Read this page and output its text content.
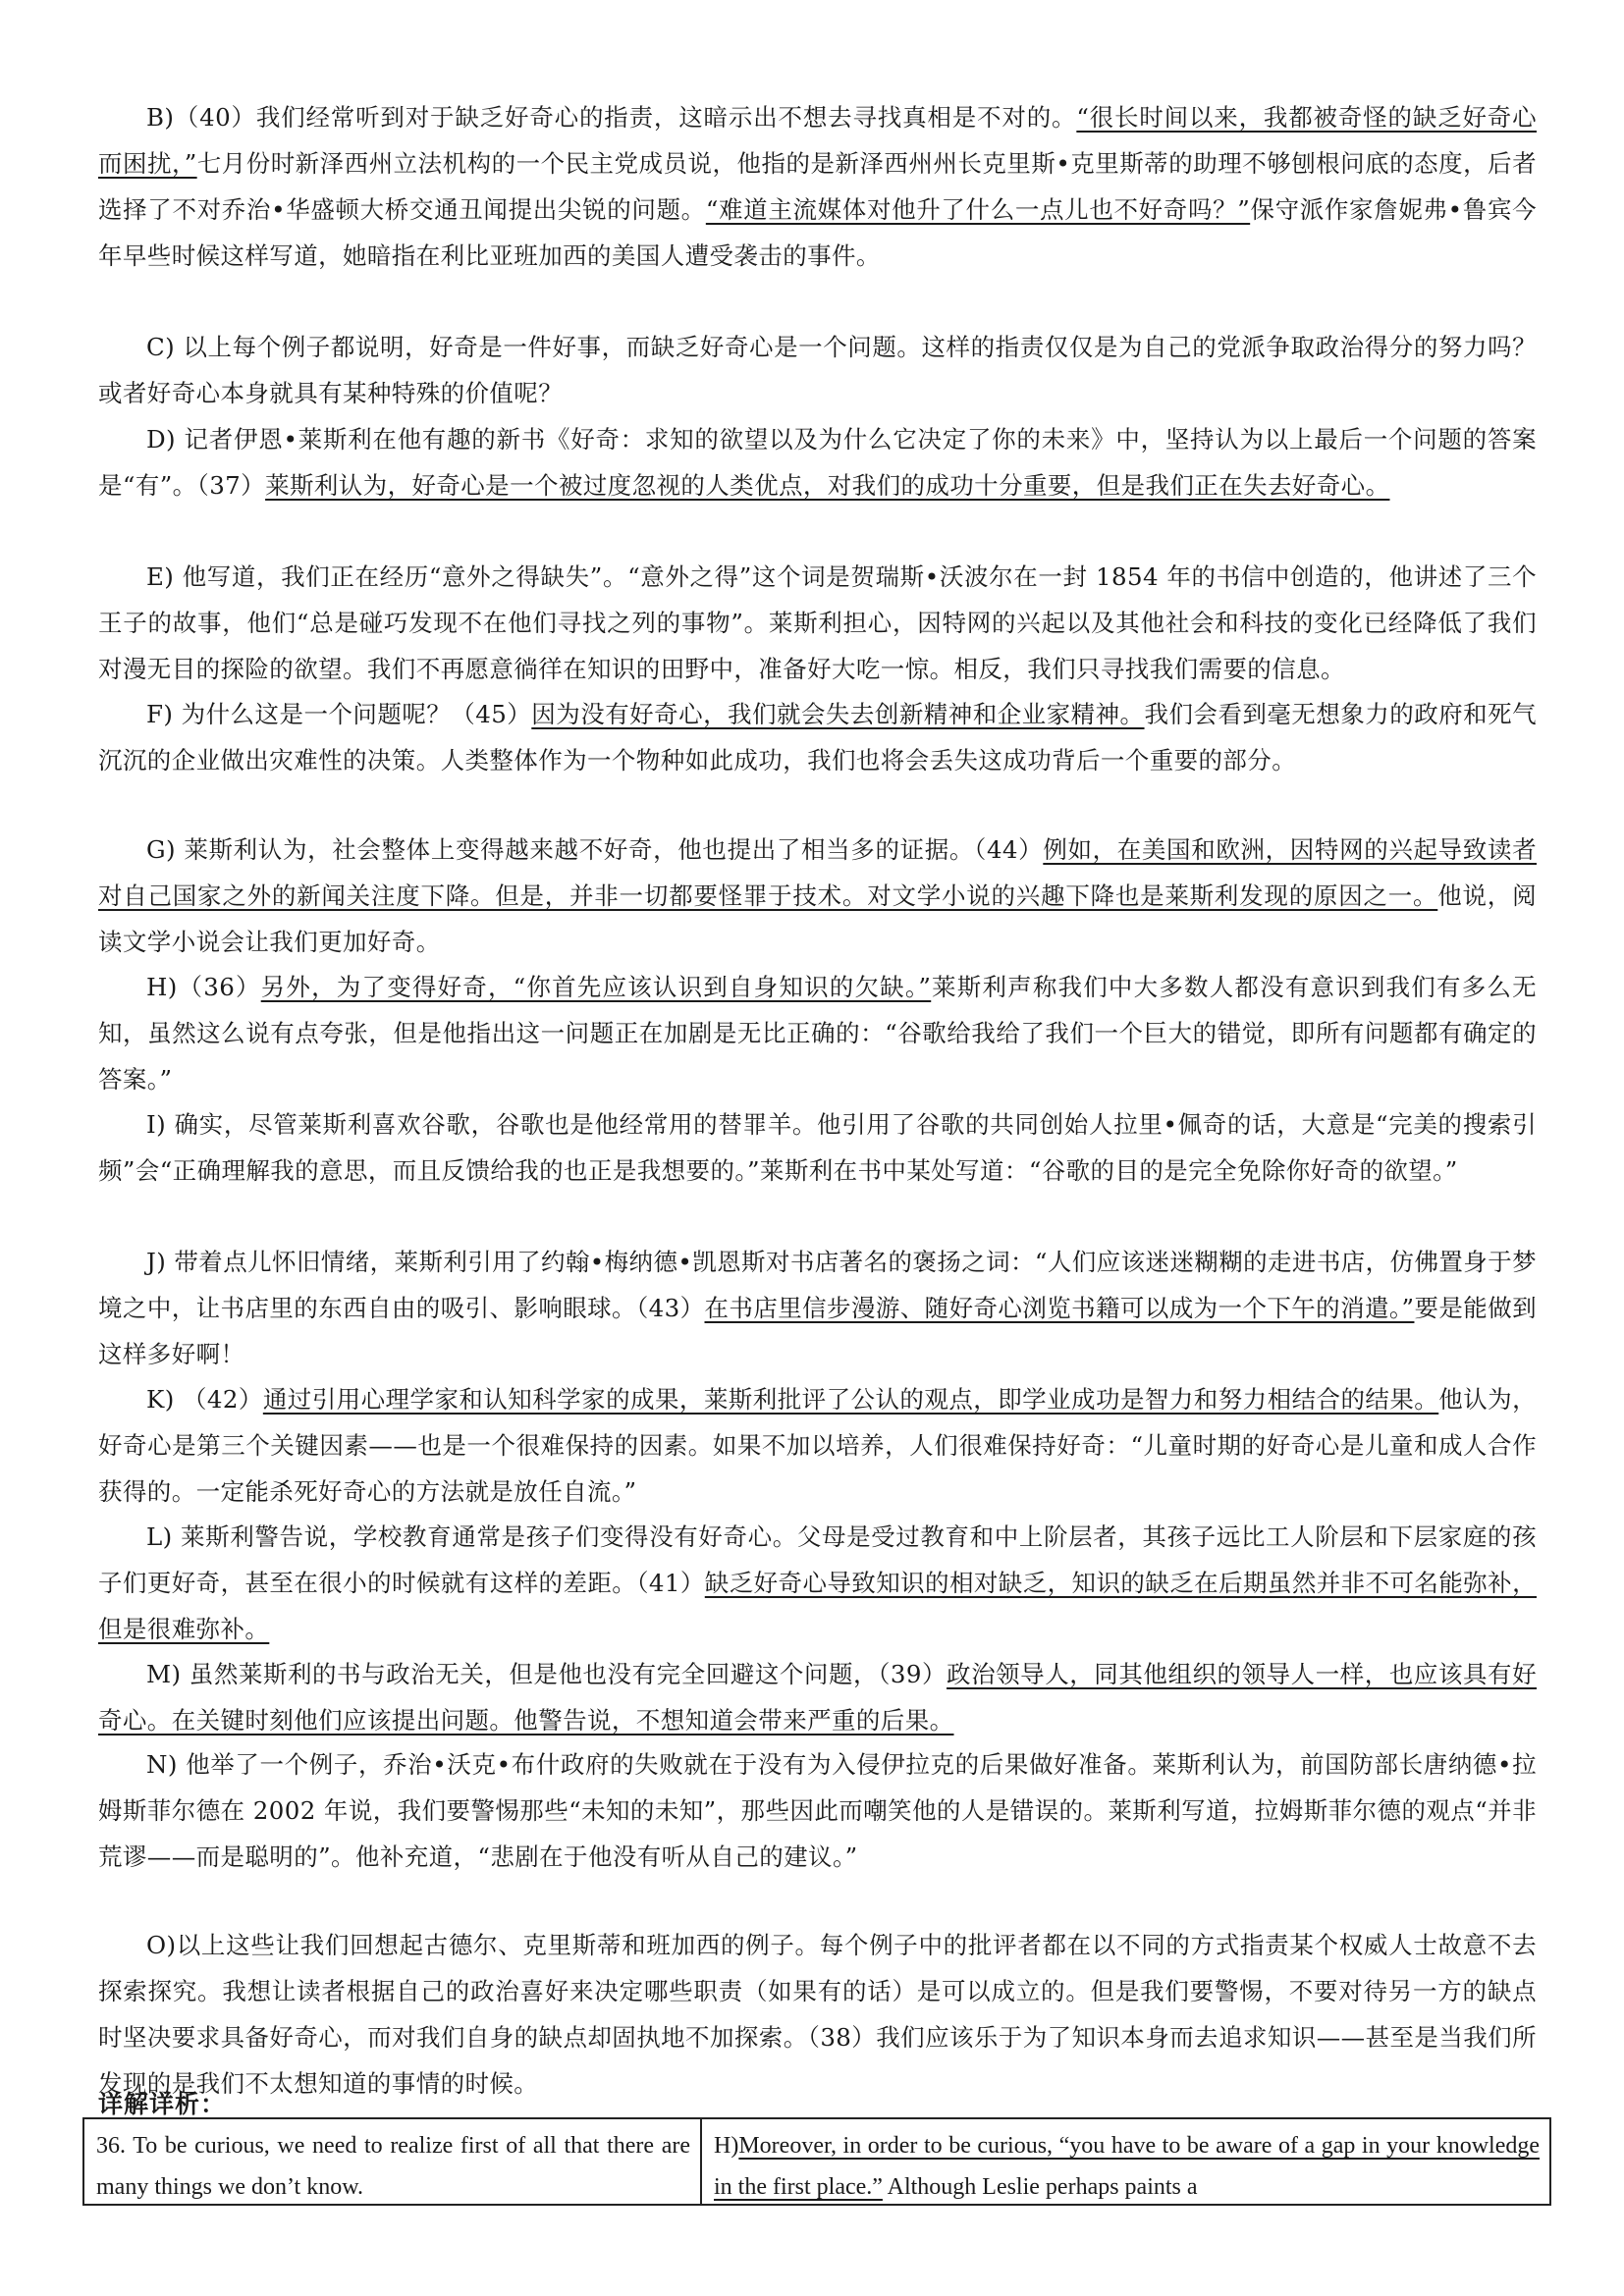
B)（40）我们经常听到对于缺乏好奇心的指责，这暗示出不想去寻找真相是不对的。“很长时间以来，我都被奇怪的缺乏好奇心而困扰，”七月份时新泽西州立法机构的一个民主党成员说，他指的是新泽西州州长克里斯•克里斯蒂的助理不够刨根问底的态度，后者选择了不对乔治•华盛顿大桥交通丑闻提出尖锐的问题。“难道主流媒体对他升了什么一点儿也不好奇吗？”保守派作家詹妮弗•鲁宾今年早些时候这样写道，她暗指在利比亚班加西的美国人遭受袭击的事件。

C) 以上每个例子都说明，好奇是一件好事，而缺乏好奇心是一个问题。这样的指责仅仅是为自己的党派争取政治得分的努力吗？或者好奇心本身就具有某种特殊的价值呢？

D) 记者伊恩•莱斯利在他有趣的新书《好奇：求知的欲望以及为什么它决定了你的未来》中，坚持认为以上最后一个问题的答案是“有”。（37）莱斯利认为，好奇心是一个被过度忽视的人类优点，对我们的成功十分重要，但是我们正在失去好奇心。

E) 他写道，我们正在经历“意外之得缺失”。“意外之得”这个词是贺瑞斯•沃波尔在一封 1854 年的书信中创造的，他讲述了三个王子的故事，他们“总是碰巧发现不在他们寻找之列的事物”。莱斯利担心，因特网的兴起以及其他社会和科技的变化已经降低了我们对漫无目的探险的欲望。我们不再愿意徜徉在知识的田野中，准备好大吃一惊。相反，我们只寻找我们需要的信息。

F) 为什么这是一个问题呢？（45）因为没有好奇心，我们就会失去创新精神和企业家精神。我们会看到毫无想象力的政府和死气沉沉的企业做出灾难性的决策。人类整体作为一个物种如此成功，我们也将会丢失这成功背后一个重要的部分。

G) 莱斯利认为，社会整体上变得越来越不好奇，他也提出了相当多的证据。（44）例如，在美国和欧洲，因特网的兴起导致读者对自己国家之外的新闻关注度下降。但是，并非一切都要怪罪于技术。对文学小说的兴趣下降也是莱斯利发现的原因之一。他说，阅读文学小说会让我们更加好奇。

H)（36）另外，为了变得好奇，“你首先应该认识到自身知识的欠缺。”莱斯利声称我们中大多数人都没有意识到我们有多么无知，虽然这么说有点夸张，但是他指出这一问题正在加剧是无比正确的：“谷歌给我给了我们一个巨大的错觉，即所有问题都有确定的答案。”

I) 确实，尽管莱斯利喜欢谷歌，谷歌也是他经常用的替罪羊。他引用了谷歌的共同创始人拉里•佩奇的话，大意是“完美的搜索引频”会“正确理解我的意思，而且反馈给我的也正是我想要的。”莱斯利在书中某处写道：“谷歌的目的是完全免除你好奇的欲望。”

J) 带着点儿怀旧情绪，莱斯利引用了约翰•梅纳德•凯恩斯对书店著名的褒扬之词：“人们应该迷迷糊糊的走进书店，仿佛置身于梦境之中，让书店里的东西自由的吸引、影响眼球。（43）在书店里信步漫游、随好奇心浏览书籍可以成为一个下午的消遣。”要是能做到这样多好啊！

K) （42）通过引用心理学家和认知科学家的成果，莱斯利批评了公认的观点，即学业成功是智力和努力相结合的结果。他认为，好奇心是第三个关键因素——也是一个很难保持的因素。如果不加以培养，人们很难保持好奇：“儿童时期的好奇心是儿童和成人合作获得的。一定能杀死好奇心的方法就是放任自流。”

L) 莱斯利警告说，学校教育通常是孩子们变得没有好奇心。父母是受过教育和中上阶层者，其孩子远比工人阶层和下层家庭的孩子们更好奇，甚至在很小的时候就有这样的差距。（41）缺乏好奇心导致知识的相对缺乏，知识的缺乏在后期虽然并非不可名能弥补，但是很难弥补。

M) 虽然莱斯利的书与政治无关，但是他也没有完全回避这个问题，（39）政治领导人，同其他组织的领导人一样，也应该具有好奇心。在关键时刻他们应该提出问题。他警告说，不想知道会带来严重的后果。

N) 他举了一个例子，乔治•沃克•布什政府的失败就在于没有为入侵伊拉克的后果做好准备。莱斯利认为，前国防部长唐纳德•拉姆斯菲尔德在 2002 年说，我们要警惕那些“未知的未知”，那些因此而嘲笑他的人是错误的。莱斯利写道，拉姆斯菲尔德的观点“并非荒谬——而是聪明的”。他补充道，“悲剧在于他没有听从自己的建议。”

O)以上这些让我们回想起古德尔、克里斯蒂和班加西的例子。每个例子中的批评者都在以不同的方式指责某个权威人士故意不去探索探究。我想让读者根据自己的政治喜好来决定哪些职责（如果有的话）是可以成立的。但是我们要警惕，不要对待另一方的缺点时坚决要求具备好奇心，而对我们自身的缺点却固执地不加探索。（38）我们应该乐于为了知识本身而去追求知识——甚至是当我们所发现的是我们不太想知道的事情的时候。

详解详析：
36. To be curious, we need to realize first of all that there are many things we don’t know.
H)Moreover, in order to be curious, “you have to be aware of a gap in your knowledge in the first place.” Although Leslie perhaps paints a
